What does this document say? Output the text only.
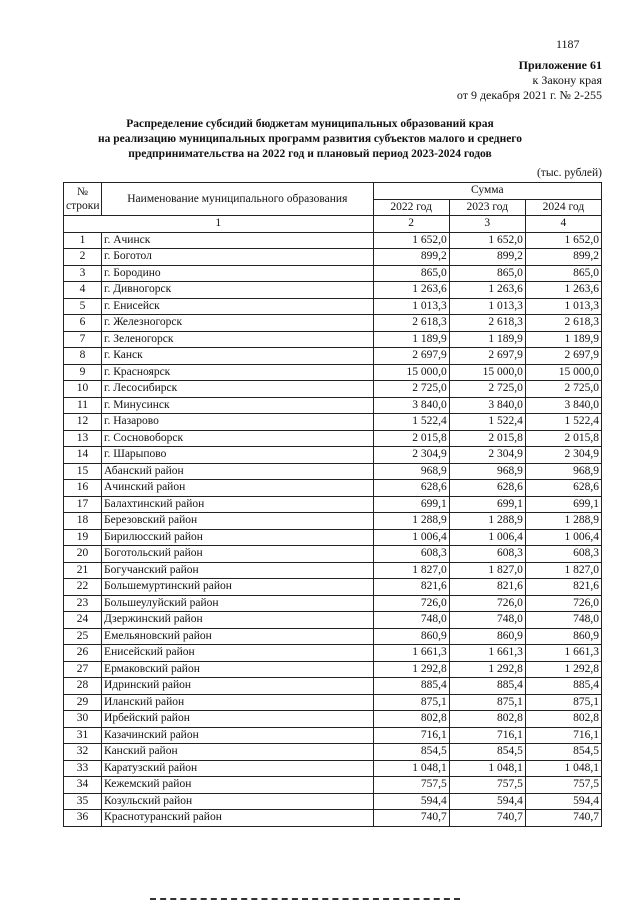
1187
Приложение 61
к Закону края
от 9 декабря 2021 г. № 2-255
Распределение субсидий бюджетам муниципальных образований края
на реализацию муниципальных программ развития субъектов малого и среднего
предпринимательства на 2022 год и плановый период 2023-2024 годов
(тыс. рублей)
№ строки	Наименование муниципального образования	Сумма		
		2022 год	2023 год	2024 год
1		2	3	4
1	г. Ачинск	1 652,0	1 652,0	1 652,0
2	г. Боготол	899,2	899,2	899,2
3	г. Бородино	865,0	865,0	865,0
4	г. Дивногорск	1 263,6	1 263,6	1 263,6
5	г. Енисейск	1 013,3	1 013,3	1 013,3
6	г. Железногорск	2 618,3	2 618,3	2 618,3
7	г. Зеленогорск	1 189,9	1 189,9	1 189,9
8	г. Канск	2 697,9	2 697,9	2 697,9
9	г. Красноярск	15 000,0	15 000,0	15 000,0
10	г. Лесосибирск	2 725,0	2 725,0	2 725,0
11	г. Минусинск	3 840,0	3 840,0	3 840,0
12	г. Назарово	1 522,4	1 522,4	1 522,4
13	г. Сосновоборск	2 015,8	2 015,8	2 015,8
14	г. Шарыпово	2 304,9	2 304,9	2 304,9
15	Абанский район	968,9	968,9	968,9
16	Ачинский район	628,6	628,6	628,6
17	Балахтинский район	699,1	699,1	699,1
18	Березовский район	1 288,9	1 288,9	1 288,9
19	Бирилюсский район	1 006,4	1 006,4	1 006,4
20	Боготольский район	608,3	608,3	608,3
21	Богучанский район	1 827,0	1 827,0	1 827,0
22	Большемуртинский район	821,6	821,6	821,6
23	Большеулуйский район	726,0	726,0	726,0
24	Дзержинский район	748,0	748,0	748,0
25	Емельяновский район	860,9	860,9	860,9
26	Енисейский район	1 661,3	1 661,3	1 661,3
27	Ермаковский район	1 292,8	1 292,8	1 292,8
28	Идринский район	885,4	885,4	885,4
29	Иланский район	875,1	875,1	875,1
30	Ирбейский район	802,8	802,8	802,8
31	Казачинский район	716,1	716,1	716,1
32	Канский район	854,5	854,5	854,5
33	Каратузский район	1 048,1	1 048,1	1 048,1
34	Кежемский район	757,5	757,5	757,5
35	Козульский район	594,4	594,4	594,4
36	Краснотуранский район	740,7	740,7	740,7
